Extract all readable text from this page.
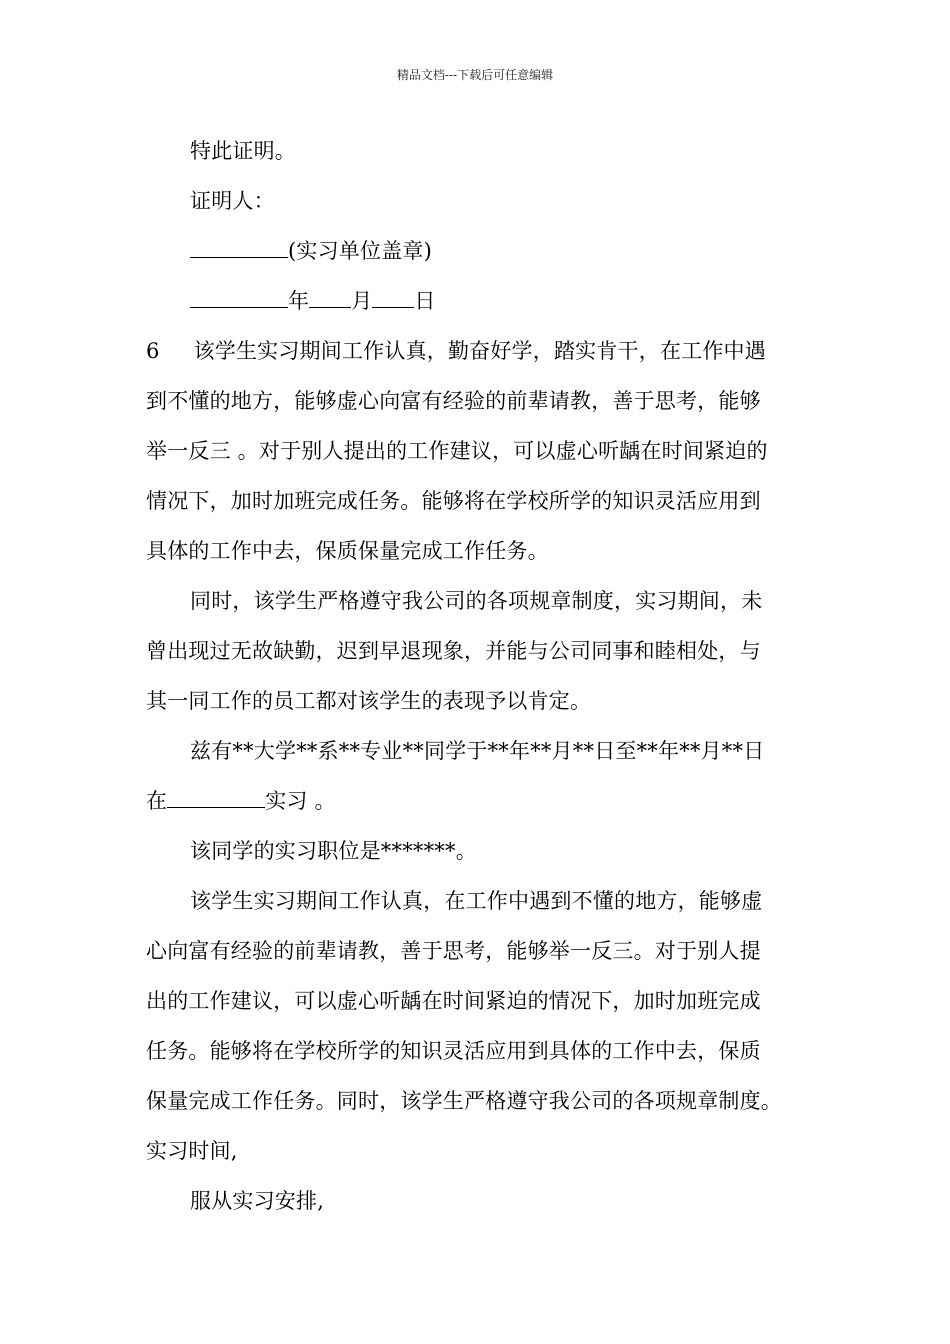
精品文档---下载后可任意编辑
特此证明。
证明人：
(实习单位盖章)
年 月 日
6 该学生实习期间工作认真，勤奋好学，踏实肯干，在工作中遇
到不懂的地方，能够虚心向富有经验的前辈请教，善于思考，能够
举一反三 。对于别人提出的工作建议，可以虚心听龋在时间紧迫的
情况下，加时加班完成任务。能够将在学校所学的知识灵活应用到
具体的工作中去，保质保量完成工作任务。
同时，该学生严格遵守我公司的各项规章制度，实习期间，未
曾出现过无故缺勤，迟到早退现象，并能与公司同事和睦相处，与
其一同工作的员工都对该学生的表现予以肯定。
兹有**大学**系**专业**同学于**年**月**日至**年**月**日
在	实习 。
该同学的实习职位是*******。
该学生实习期间工作认真，在工作中遇到不懂的地方，能够虚
心向富有经验的前辈请教，善于思考，能够举一反三。对于别人提
出的工作建议，可以虚心听龋在时间紧迫的情况下，加时加班完成
任务。能够将在学校所学的知识灵活应用到具体的工作中去，保质
保量完成工作任务。同时，该学生严格遵守我公司的各项规章制度。
实习时间,
服从实习安排,
